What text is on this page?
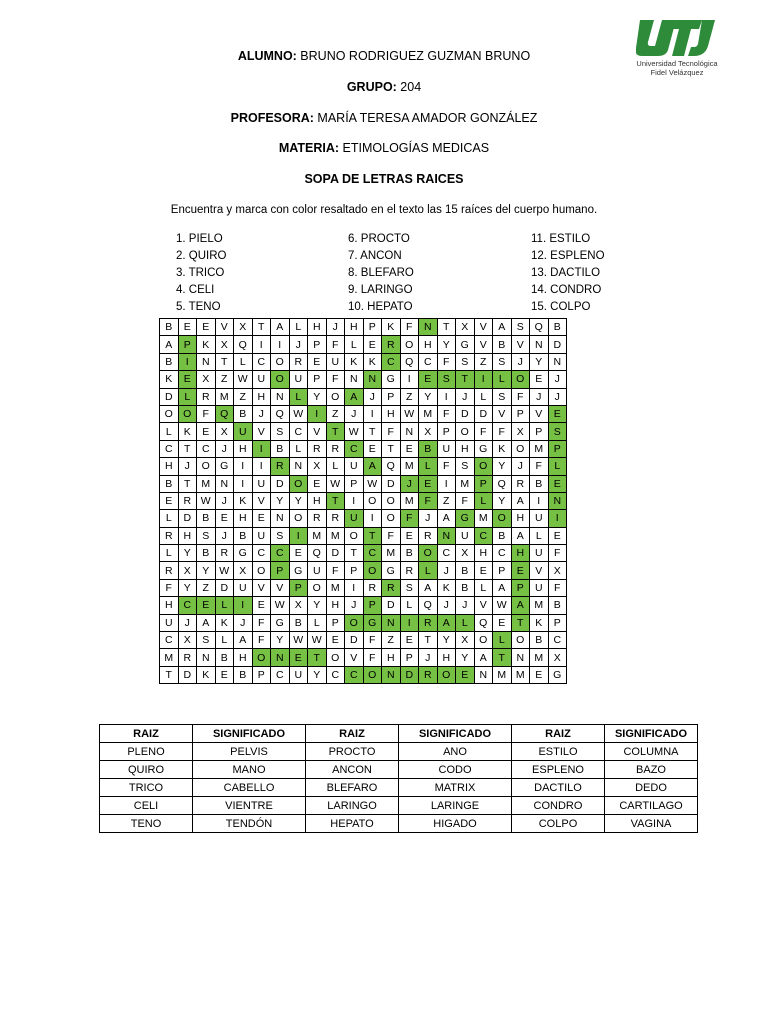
Universidad Tecnológica
Fidel Velázquez
ALUMNO: BRUNO RODRIGUEZ GUZMAN BRUNO
GRUPO: 204
PROFESORA: MARÍA TERESA AMADOR GONZÁLEZ
MATERIA: ETIMOLOGÍAS MEDICAS
SOPA DE LETRAS RAICES
Encuentra y marca con color resaltado en el texto las 15 raíces del cuerpo humano.
1. PIELO
2. QUIRO
3. TRICO
4. CELI
5. TENO
6. PROCTO
7. ANCON
8. BLEFARO
9. LARINGO
10. HEPATO
11. ESTILO
12. ESPLENO
13. DACTILO
14. CONDRO
15. COLPO
B	E	E	V	X	T	A	L	H	J	H	P	K	F	N	T	X	V	A	S	Q	B
A	P	K	X	Q	I	I	J	P	F	L	E	R	O	H	Y	G	V	B	V	N	D
B	I	N	T	L	C	O	R	E	U	K	K	C	Q	C	F	S	Z	S	J	Y	N
K	E	X	Z	W	U	O	U	P	F	N	N	G	I	E	S	T	I	L	O	E	J
D	L	R	M	Z	H	N	L	Y	O	A	J	P	Z	Y	I	J	L	S	F	J	J
O	O	F	Q	B	J	Q	W	I	Z	J	I	H	W	M	F	D	D	V	P	V	E
L	K	E	X	U	V	S	C	V	T	W	T	F	N	X	P	O	F	F	X	P	S
C	T	C	J	H	I	B	L	R	R	C	E	T	E	B	U	H	G	K	O	M	P
H	J	O	G	I	I	R	N	X	L	U	A	Q	M	L	F	S	O	Y	J	F	L
B	T	M	N	I	U	D	O	E	W	P	W	D	J	E	I	M	P	Q	R	B	E
E	R	W	J	K	V	Y	Y	H	T	I	O	O	M	F	Z	F	L	Y	A	I	N
L	D	B	E	H	E	N	O	R	R	U	I	O	F	J	A	G	M	O	H	U	I
R	H	S	J	B	U	S	I	M	M	O	T	F	E	R	N	U	C	B	A	L	E
L	Y	B	R	G	C	C	E	Q	D	T	C	M	B	O	C	X	H	C	H	U	F
R	X	Y	W	X	O	P	G	U	F	P	O	G	R	L	J	B	E	P	E	V	X
F	Y	Z	D	U	V	V	P	O	M	I	R	R	S	A	K	B	L	A	P	U	F
H	C	E	L	I	E	W	X	Y	H	J	P	D	L	Q	J	J	V	W	A	M	B
U	J	A	K	J	F	G	B	L	P	O	G	N	I	R	A	L	Q	E	T	K	P
C	X	S	L	A	F	Y	W	W	E	D	F	Z	E	T	Y	X	O	L	O	B	C
M	R	N	B	H	O	N	E	T	O	V	F	H	P	J	H	Y	A	T	N	M	X
T	D	K	E	B	P	C	U	Y	C	C	O	N	D	R	O	E	N	M	M	E	G
RAIZ	SIGNIFICADO	RAIZ	SIGNIFICADO	RAIZ	SIGNIFICADO
PLENO	PELVIS	PROCTO	ANO	ESTILO	COLUMNA
QUIRO	MANO	ANCON	CODO	ESPLENO	BAZO
TRICO	CABELLO	BLEFARO	MATRIX	DACTILO	DEDO
CELI	VIENTRE	LARINGO	LARINGE	CONDRO	CARTILAGO
TENO	TENDÓN	HEPATO	HIGADO	COLPO	VAGINA
